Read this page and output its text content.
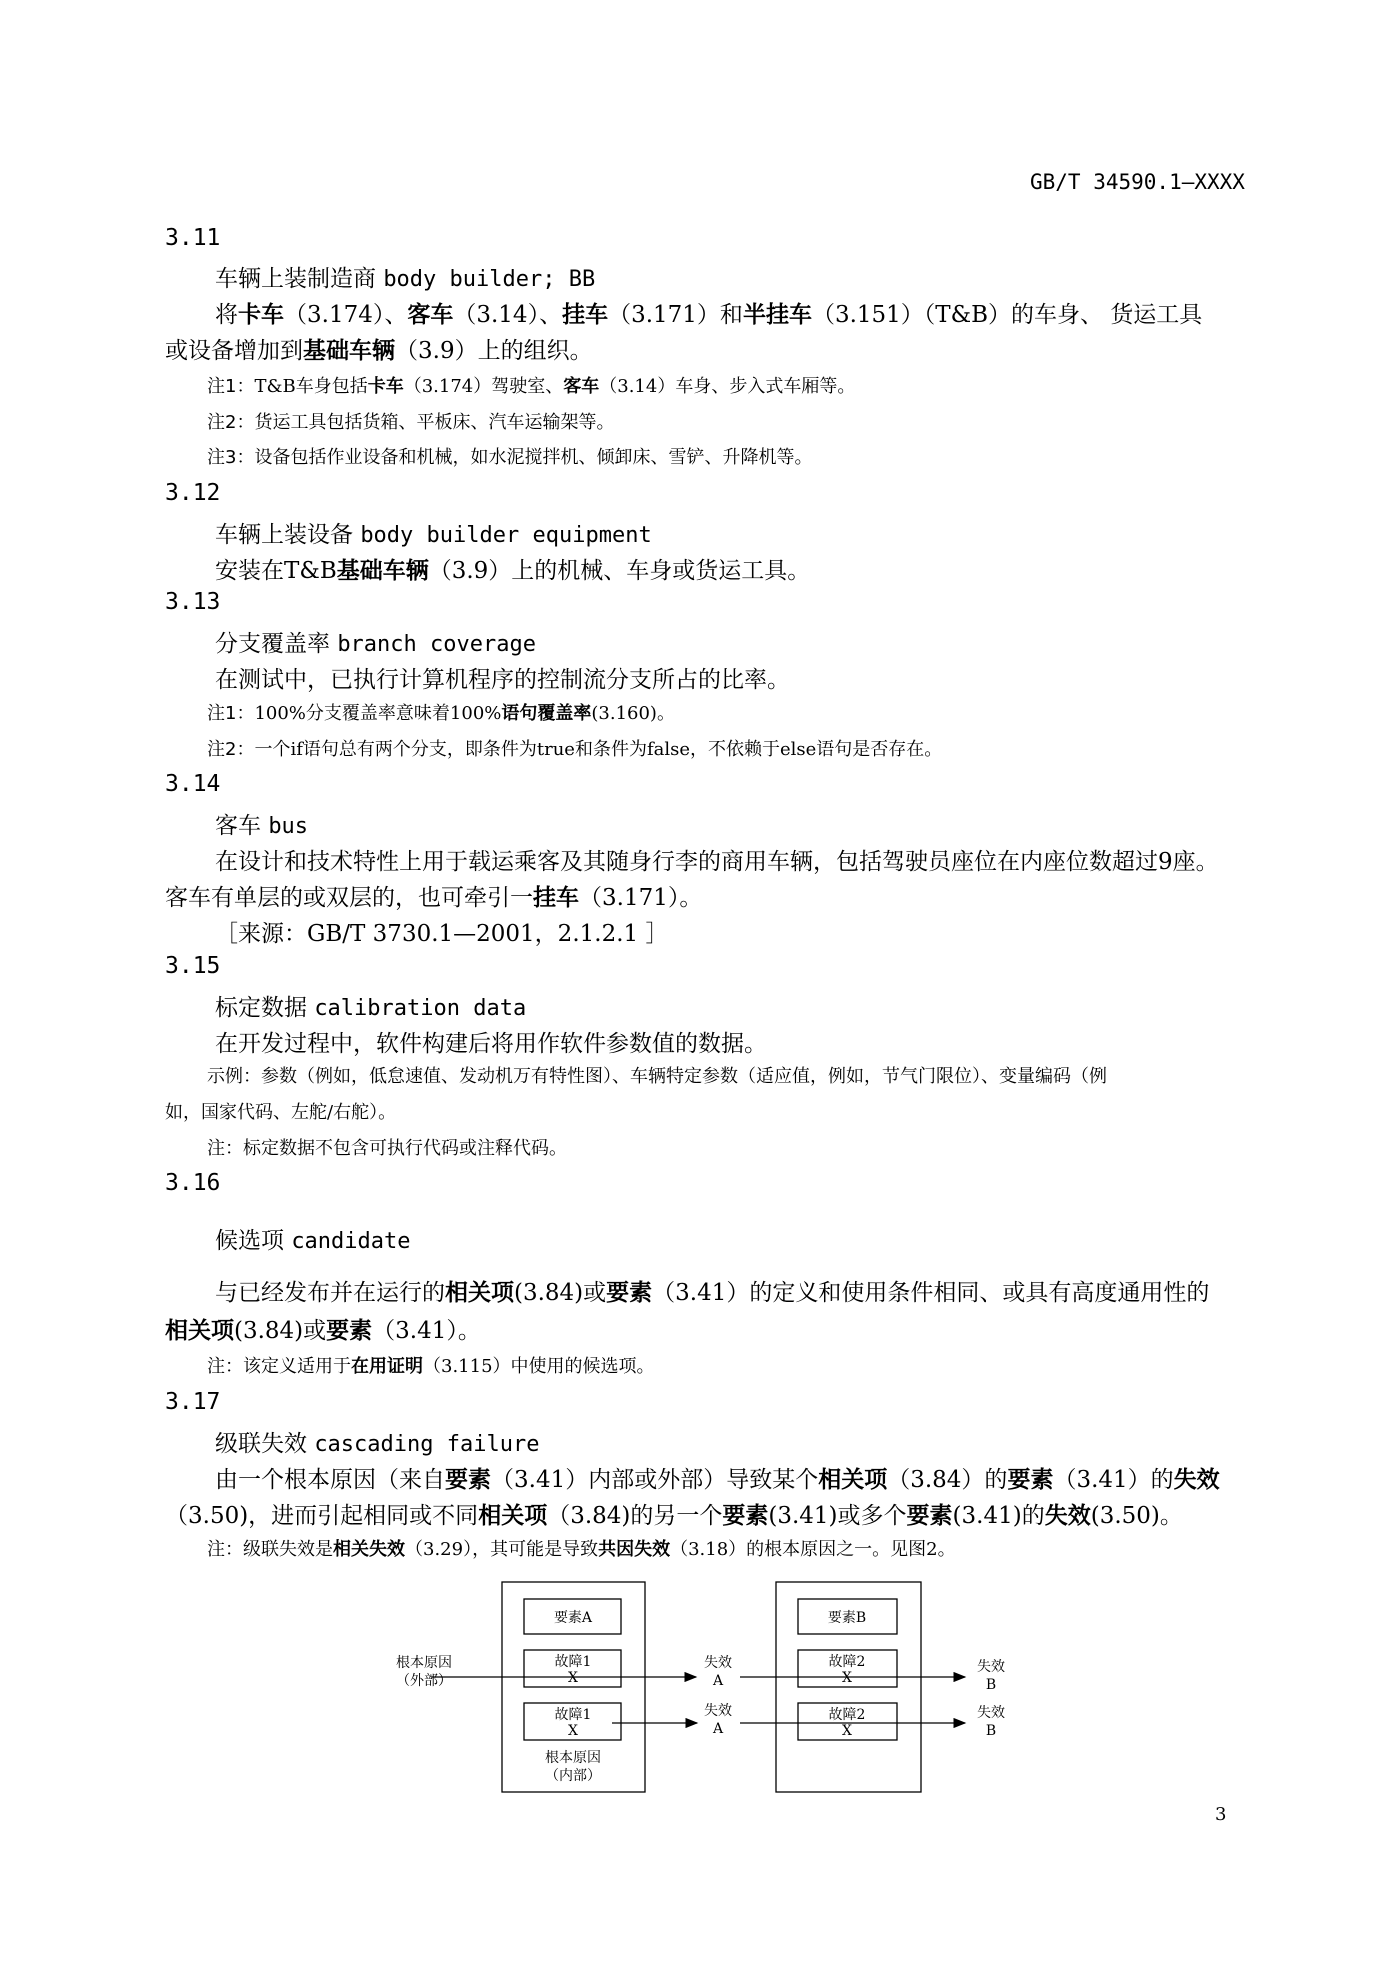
GB/T 34590.1—XXXX
3.11
车辆上装制造商 body builder; BB
将卡车（3.174）、客车（3.14）、挂车（3.171）和半挂车（3.151）（T&B）的车身、 货运工具
或设备增加到基础车辆（3.9）上的组织。
注1：T&B车身包括卡车（3.174）驾驶室、客车（3.14）车身、步入式车厢等。
注2：货运工具包括货箱、平板床、汽车运输架等。
注3：设备包括作业设备和机械，如水泥搅拌机、倾卸床、雪铲、升降机等。
3.12
车辆上装设备 body builder equipment
安装在T&B基础车辆（3.9）上的机械、车身或货运工具。
3.13
分支覆盖率 branch coverage
在测试中，已执行计算机程序的控制流分支所占的比率。
注1：100%分支覆盖率意味着100%语句覆盖率(3.160)。
注2：一个if语句总有两个分支，即条件为true和条件为false，不依赖于else语句是否存在。
3.14
客车 bus
在设计和技术特性上用于载运乘客及其随身行李的商用车辆，包括驾驶员座位在内座位数超过9座。
客车有单层的或双层的，也可牵引一挂车（3.171）。
［来源：GB/T 3730.1—2001，2.1.2.1 ］
3.15
标定数据 calibration data
在开发过程中，软件构建后将用作软件参数值的数据。
示例：参数（例如，低怠速值、发动机万有特性图）、车辆特定参数（适应值，例如，节气门限位）、变量编码（例
如，国家代码、左舵/右舵）。
注：标定数据不包含可执行代码或注释代码。
3.16
候选项 candidate
与已经发布并在运行的相关项(3.84)或要素（3.41）的定义和使用条件相同、或具有高度通用性的
相关项(3.84)或要素（3.41）。
注：该定义适用于在用证明（3.115）中使用的候选项。
3.17
级联失效 cascading failure
由一个根本原因（来自要素（3.41）内部或外部）导致某个相关项（3.84）的要素（3.41）的失效
（3.50)，进而引起相同或不同相关项（3.84)的另一个要素(3.41)或多个要素(3.41)的失效(3.50)。
注：级联失效是相关失效（3.29），其可能是导致共因失效（3.18）的根本原因之一。见图2。
要素A
故障1
X
故障1
X
根本原因
（内部）
根本原因
（外部）
失效
A
失效
A
要素B
故障2
X
故障2
X
失效
B
失效
B
3
